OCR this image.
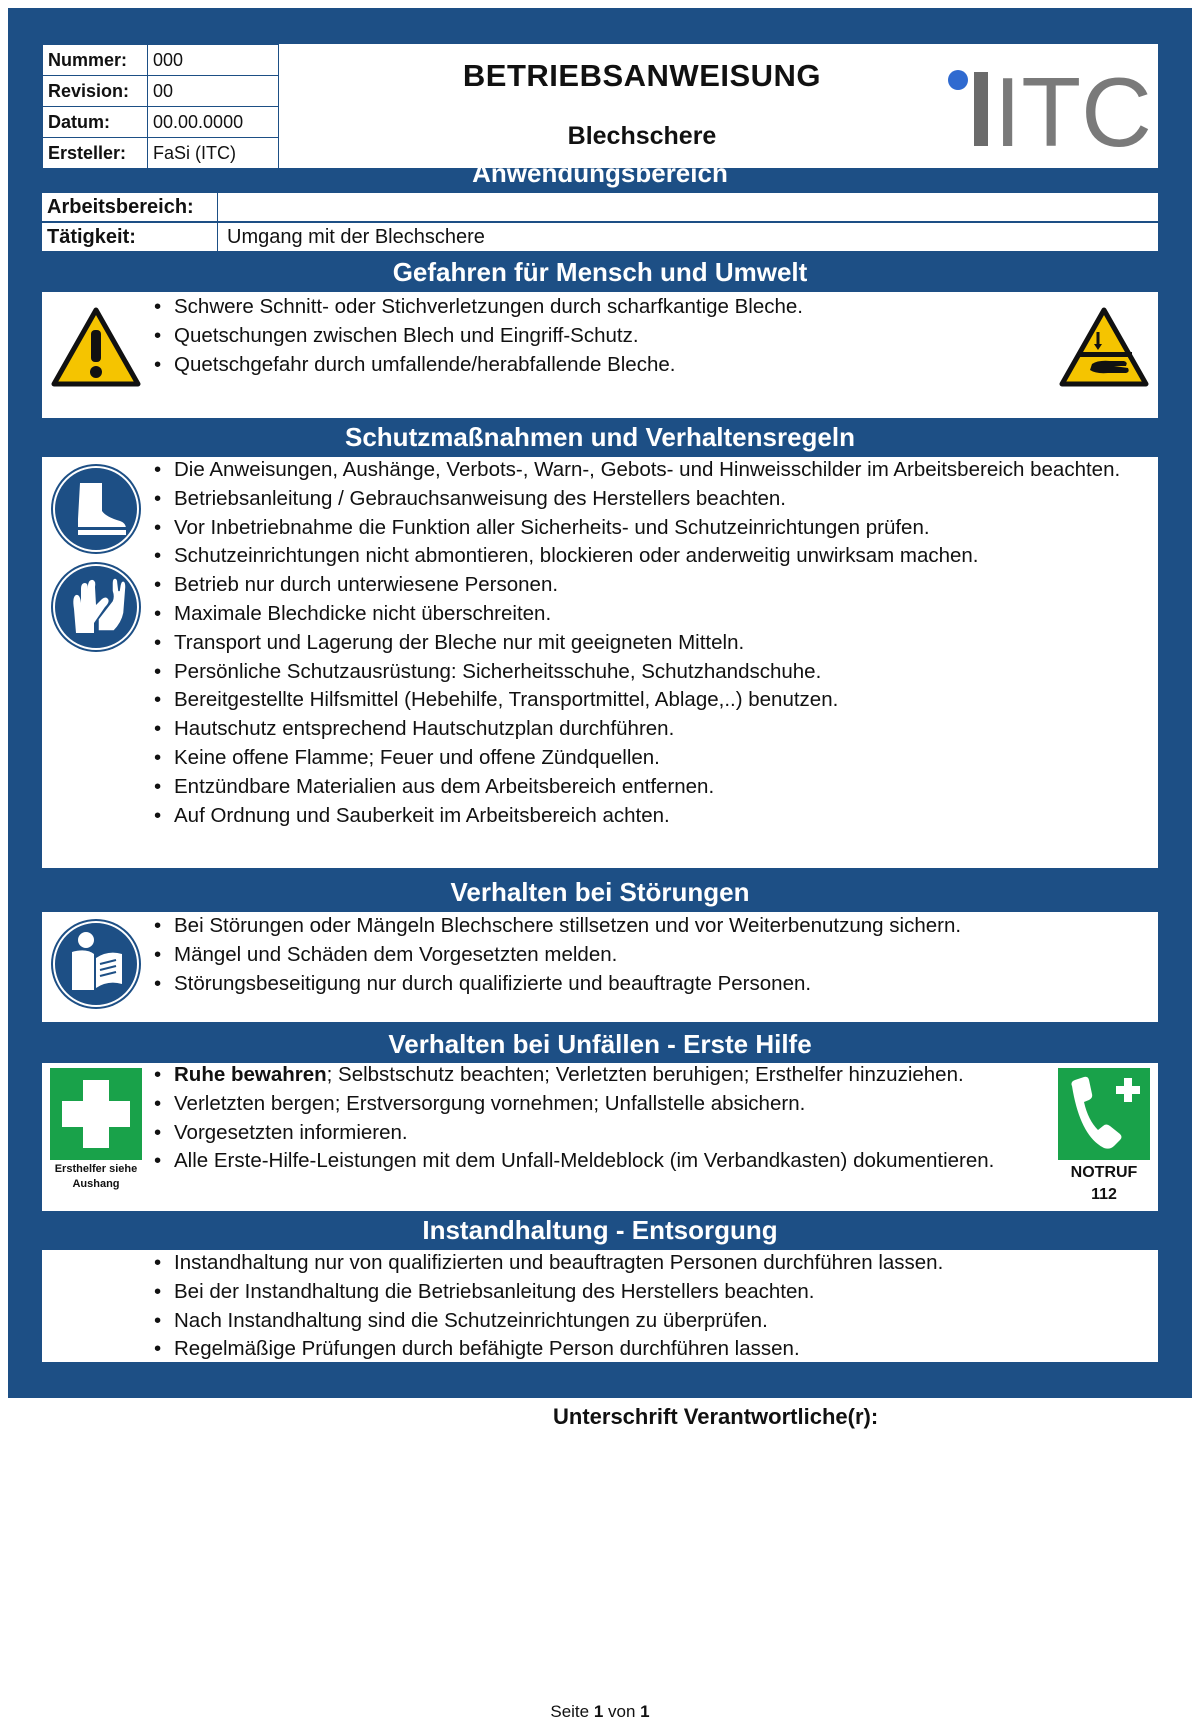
Nummer:	000
Revision:	00
Datum:	00.00.0000
Ersteller:	FaSi (ITC)
BETRIEBSANWEISUNG
Blechschere	ITC
Anwendungsbereich
Arbeitsbereich:
Tätigkeit:	Umgang mit der Blechschere
Gefahren für Mensch und Umwelt
• Schwere Schnitt- oder Stichverletzungen durch scharfkantige Bleche.
• Quetschungen zwischen Blech und Eingriff-Schutz.
• Quetschgefahr durch umfallende/herabfallende Bleche.
Schutzmaßnahmen und Verhaltensregeln
• Die Anweisungen, Aushänge, Verbots-, Warn-, Gebots- und Hinweisschilder im Arbeitsbereich beachten.
• Betriebsanleitung / Gebrauchsanweisung des Herstellers beachten.
• Vor Inbetriebnahme die Funktion aller Sicherheits- und Schutzeinrichtungen prüfen.
• Schutzeinrichtungen nicht abmontieren, blockieren oder anderweitig unwirksam machen.
• Betrieb nur durch unterwiesene Personen.
• Maximale Blechdicke nicht überschreiten.
• Transport und Lagerung der Bleche nur mit geeigneten Mitteln.
• Persönliche Schutzausrüstung: Sicherheitsschuhe, Schutzhandschuhe.
• Bereitgestellte Hilfsmittel (Hebehilfe, Transportmittel, Ablage,..) benutzen.
• Hautschutz entsprechend Hautschutzplan durchführen.
• Keine offene Flamme; Feuer und offene Zündquellen.
• Entzündbare Materialien aus dem Arbeitsbereich entfernen.
• Auf Ordnung und Sauberkeit im Arbeitsbereich achten.
Verhalten bei Störungen
• Bei Störungen oder Mängeln Blechschere stillsetzen und vor Weiterbenutzung sichern.
• Mängel und Schäden dem Vorgesetzten melden.
• Störungsbeseitigung nur durch qualifizierte und beauftragte Personen.
Verhalten bei Unfällen - Erste Hilfe
Ersthelfer siehe
Aushang
• Ruhe bewahren; Selbstschutz beachten; Verletzten beruhigen; Ersthelfer hinzuziehen.
• Verletzten bergen; Erstversorgung vornehmen; Unfallstelle absichern.
• Vorgesetzten informieren.
• Alle Erste-Hilfe-Leistungen mit dem Unfall-Meldeblock (im Verbandkasten) dokumentieren.
NOTRUF
112
Instandhaltung - Entsorgung
• Instandhaltung nur von qualifizierten und beauftragten Personen durchführen lassen.
• Bei der Instandhaltung die Betriebsanleitung des Herstellers beachten.
• Nach Instandhaltung sind die Schutzeinrichtungen zu überprüfen.
• Regelmäßige Prüfungen durch befähigte Person durchführen lassen.
Unterschrift Verantwortliche(r):
Seite 1 von 1
